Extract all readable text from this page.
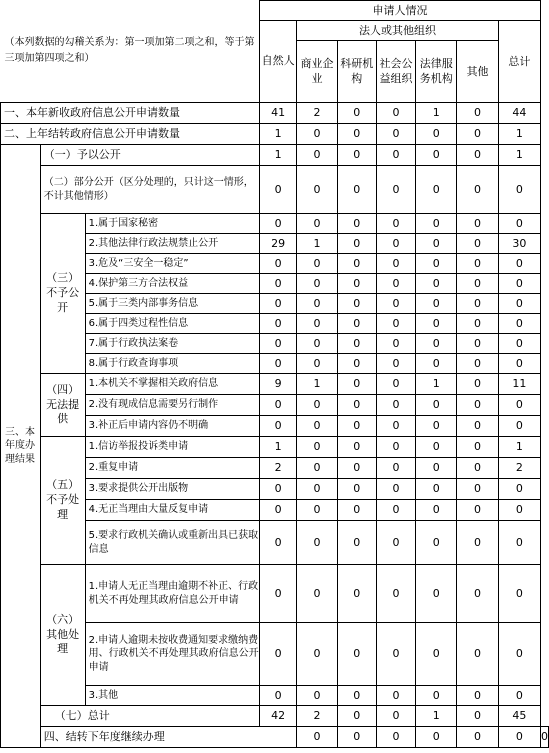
（本列数据的勾稽关系为：第一项加第二项之和，等于第三项加第四项之和）			申请人情况							
			自然人	法人或其他组织					总计	
				商业企业	科研机构	社会公益组织	法律服务机构	其他		

一、本年新收政府信息公开申请数量			41	2	0	0	1	0	44	
二、上年结转政府信息公开申请数量			1	0	0	0	0	0	1	
三、本年度办理结果	（一）予以公开		1	0	0	0	0	0	1	
	（二）部分公开（区分处理的，只计这一情形，不计其他情形）		0	0	0	0	0	0	0	
	（三）不予公开	1.属于国家秘密	0	0	0	0	0	0	0	
		2.其他法律行政法规禁止公开	29	1	0	0	0	0	30	
		3.危及“三安全一稳定”	0	0	0	0	0	0	0	
		4.保护第三方合法权益	0	0	0	0	0	0	0	
		5.属于三类内部事务信息	0	0	0	0	0	0	0	
		6.属于四类过程性信息	0	0	0	0	0	0	0	
		7.属于行政执法案卷	0	0	0	0	0	0	0	
		8.属于行政查询事项	0	0	0	0	0	0	0	
	（四）无法提供	1.本机关不掌握相关政府信息	9	1	0	0	1	0	11	
		2.没有现成信息需要另行制作	0	0	0	0	0	0	0	
		3.补正后申请内容仍不明确	0	0	0	0	0	0	0	
	（五）不予处理	1.信访举报投诉类申请	1	0	0	0	0	0	1	
		2.重复申请	2	0	0	0	0	0	2	
		3.要求提供公开出版物	0	0	0	0	0	0	0	
		4.无正当理由大量反复申请	0	0	0	0	0	0	0	
		5.要求行政机关确认或重新出具已获取信息	0	0	0	0	0	0	0	
	（六）其他处理	1.申请人无正当理由逾期不补正、行政机关不再处理其政府信息公开申请	0	0	0	0	0	0	0	
		2.申请人逾期未按收费通知要求缴纳费用、行政机关不再处理其政府信息公开申请	0	0	0	0	0	0	0	
		3.其他	0	0	0	0	0	0	0	
	（七）总计		42	2	0	0	1	0	45	
	四、结转下年度继续办理			0	0	0	0	0	0	0
